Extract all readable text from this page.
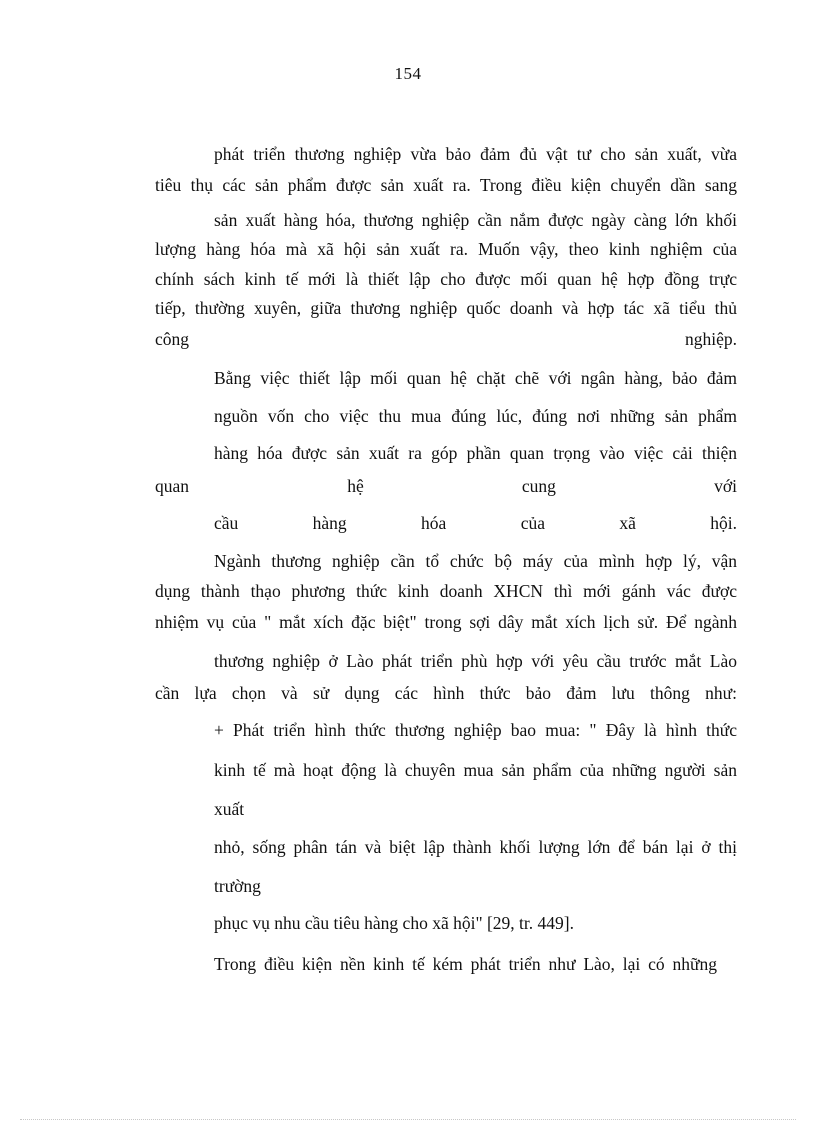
154
phát triển thương nghiệp vừa bảo đảm đủ vật tư cho sản xuất, vừa
tiêu thụ các sản phẩm được sản xuất ra. Trong điều kiện chuyển dần sang
sản xuất hàng hóa, thương nghiệp cần nắm được ngày càng lớn khối
lượng hàng hóa mà xã hội sản xuất ra. Muốn vậy, theo kinh nghiệm của
chính sách kinh tế mới là thiết lập cho được mối quan hệ hợp đồng trực
tiếp, thường xuyên, giữa thương nghiệp quốc doanh và hợp tác xã tiểu thủ
công nghiệp.
Bằng việc thiết lập mối quan hệ chặt chẽ với ngân hàng, bảo đảm
nguồn vốn cho việc thu mua đúng lúc, đúng nơi những sản phẩm
hàng hóa được sản xuất ra góp phần quan trọng vào việc cải thiện
quan hệ cung với
cầu hàng hóa của xã hội.
Ngành thương nghiệp cần tổ chức bộ máy của mình hợp lý, vận
dụng thành thạo phương thức kinh doanh XHCN thì mới gánh vác được
nhiệm vụ của " mắt xích đặc biệt" trong sợi dây mắt xích lịch sử. Để ngành
thương nghiệp ở Lào phát triển phù hợp với yêu cầu trước mắt Lào
cần lựa chọn và sử dụng các hình thức bảo đảm lưu thông như:
+ Phát triển hình thức thương nghiệp bao mua: " Đây là hình thức
kinh tế mà hoạt động là chuyên mua sản phẩm của những người sản
xuất
nhỏ, sống phân tán và biệt lập thành khối lượng lớn để bán lại ở thị
trường
phục vụ nhu cầu tiêu hàng cho xã hội" [29, tr. 449].
Trong điều kiện nền kinh tế kém phát triển như Lào, lại có những
